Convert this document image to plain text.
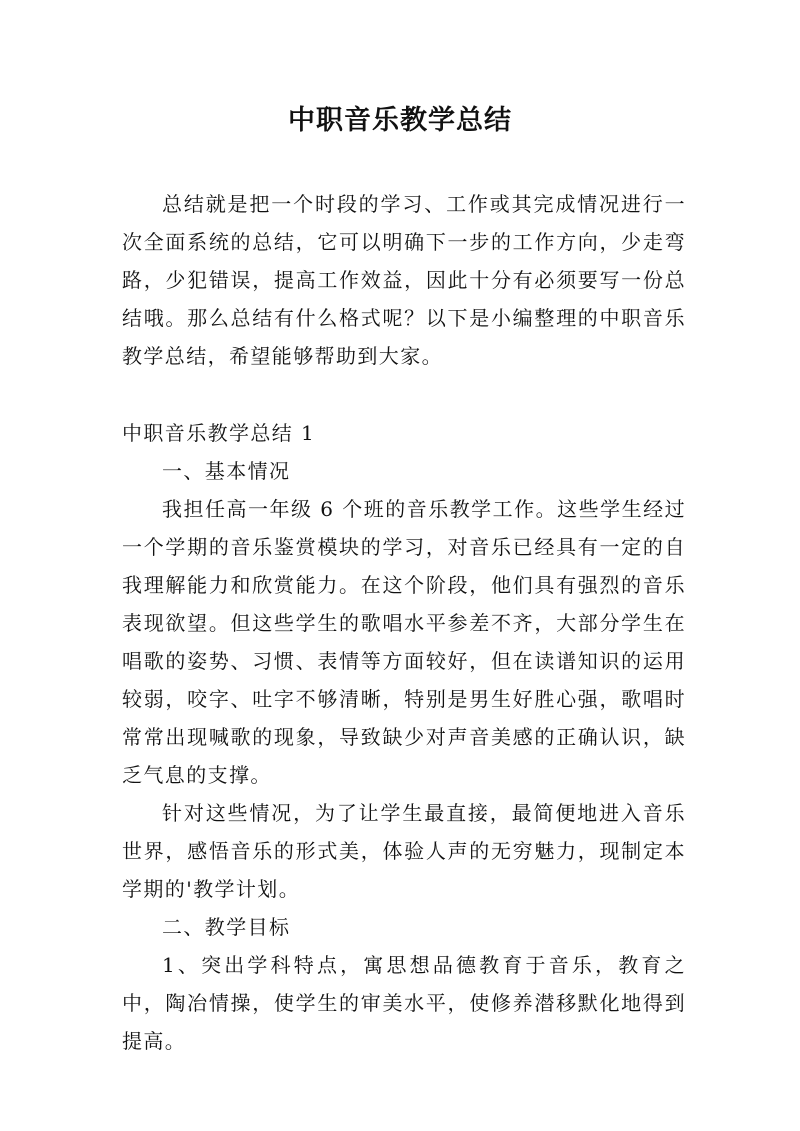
中职音乐教学总结

总结就是把一个时段的学习、工作或其完成情况进行一次全面系统的总结，它可以明确下一步的工作方向，少走弯路，少犯错误，提高工作效益，因此十分有必须要写一份总结哦。那么总结有什么格式呢？以下是小编整理的中职音乐教学总结，希望能够帮助到大家。

中职音乐教学总结 1

一、基本情况

我担任高一年级 6 个班的音乐教学工作。这些学生经过一个学期的音乐鉴赏模块的学习，对音乐已经具有一定的自我理解能力和欣赏能力。在这个阶段，他们具有强烈的音乐表现欲望。但这些学生的歌唱水平参差不齐，大部分学生在唱歌的姿势、习惯、表情等方面较好，但在读谱知识的运用较弱，咬字、吐字不够清晰，特别是男生好胜心强，歌唱时常常出现喊歌的现象，导致缺少对声音美感的正确认识，缺乏气息的支撑。

针对这些情况，为了让学生最直接，最简便地进入音乐世界，感悟音乐的形式美，体验人声的无穷魅力，现制定本学期的'教学计划。

二、教学目标

1、突出学科特点，寓思想品德教育于音乐，教育之中，陶冶情操，使学生的审美水平，使修养潜移默化地得到提高。
